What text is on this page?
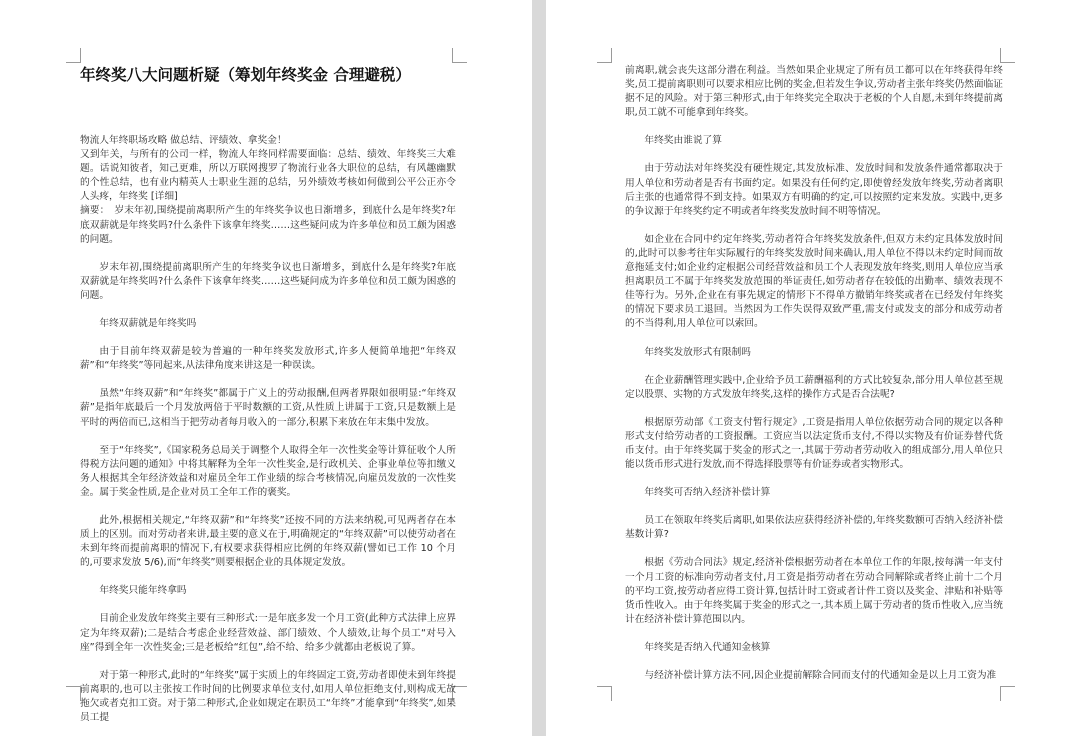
年终奖八大问题析疑（筹划年终奖金 合理避税）

物流人年终职场攻略 做总结、评绩效、拿奖金！

又到年关，与所有的公司一样，物流人年终同样需要面临：总结、绩效、年终奖三大难题。话说知彼者，知己更难，所以万联网搜罗了物流行业各大职位的总结，有风趣幽默的个性总结，也有业内精英人士职业生涯的总结，另外绩效考核如何做到公平公正亦令人头疼，年终奖 [详细]

摘要：　岁末年初,围绕提前离职所产生的年终奖争议也日渐增多，到底什么是年终奖?年底双薪就是年终奖吗?什么条件下该拿年终奖……这些疑问成为许多单位和员工颇为困惑的问题。

岁末年初,围绕提前离职所产生的年终奖争议也日渐增多，到底什么是年终奖?年底双薪就是年终奖吗?什么条件下该拿年终奖……这些疑问成为许多单位和员工颇为困惑的问题。

年终双薪就是年终奖吗

由于目前年终双薪是较为普遍的一种年终奖发放形式,许多人便简单地把“年终双薪”和“年终奖”等同起来,从法律角度来讲这是一种误读。

虽然“年终双薪”和“年终奖”都属于广义上的劳动报酬,但两者界限如很明显:“年终双薪”是指年底最后一个月发放两倍于平时数额的工资,从性质上讲属于工资,只是数额上是平时的两倍而已,这相当于把劳动者每月收入的一部分,积累下来放在年末集中发放。

至于“年终奖”,《国家税务总局关于调整个人取得全年一次性奖金等计算征收个人所得税方法问题的通知》中将其解释为全年一次性奖金,是行政机关、企事业单位等扣缴义务人根据其全年经济效益和对雇员全年工作业绩的综合考核情况,向雇员发放的一次性奖金。属于奖金性质,是企业对员工全年工作的褒奖。

此外,根据相关规定,“年终双薪”和“年终奖”还按不同的方法来纳税,可见两者存在本质上的区别。而对劳动者来讲,最主要的意义在于,明确规定的“年终双薪”可以使劳动者在未到年终而提前离职的情况下,有权要求获得相应比例的年终双薪(譬如已工作 10 个月的,可要求发放 5/6),而“年终奖”则要根据企业的具体规定发放。

年终奖只能年终拿吗

目前企业发放年终奖主要有三种形式:一是年底多发一个月工资(此种方式法律上应界定为年终双薪);二是结合考虑企业经营效益、部门绩效、个人绩效,让每个员工“对号入座”得到全年一次性奖金;三是老板给“红包”,给不给、给多少就都由老板说了算。

对于第一种形式,此时的“年终奖”属于实质上的年终固定工资,劳动者即使未到年终提前离职的,也可以主张按工作时间的比例要求单位支付,如用人单位拒绝支付,则构成无故拖欠或者克扣工资。对于第二种形式,企业如规定在职员工“年终”才能拿到“年终奖”,如果员工提

前离职,就会丧失这部分潜在利益。当然如果企业规定了所有员工都可以在年终获得年终奖,员工提前离职则可以要求相应比例的奖金,但若发生争议,劳动者主张年终奖仍然面临证据不足的风险。对于第三种形式,由于年终奖完全取决于老板的个人自愿,未到年终提前离职,员工就不可能拿到年终奖。

年终奖由谁说了算

由于劳动法对年终奖没有硬性规定,其发放标准、发放时间和发放条件通常都取决于用人单位和劳动者是否有书面约定。如果没有任何约定,即使曾经发放年终奖,劳动者离职后主张的也通常得不到支持。如果双方有明确的约定,可以按照约定来发放。实践中,更多的争议源于年终奖约定不明或者年终奖发放时间不明等情况。

如企业在合同中约定年终奖,劳动者符合年终奖发放条件,但双方未约定具体发放时间的,此时可以参考往年实际履行的年终奖发放时间来确认,用人单位不得以未约定时间而故意拖延支付;如企业约定根据公司经营效益和员工个人表现发放年终奖,则用人单位应当承担离职员工不属于年终奖发放范围的举证责任,如劳动者存在较低的出勤率、绩效表现不佳等行为。另外,企业在有事先规定的情形下不得单方撤销年终奖或者在已经发付年终奖的情况下要求员工退回。当然因为工作失误得双致严重,需支付或发支的部分和成劳动者的不当得利,用人单位可以索回。

年终奖发放形式有限制吗

在企业薪酬管理实践中,企业给予员工薪酬福利的方式比较复杂,部分用人单位甚至规定以股票、实物的方式发放年终奖,这样的操作方式是否合法呢?

根据原劳动部《工资支付暂行规定》,工资是指用人单位依据劳动合同的规定以各种形式支付给劳动者的工资报酬。工资应当以法定货币支付,不得以实物及有价证券替代货币支付。由于年终奖属于奖金的形式之一,其属于劳动者劳动收入的组成部分,用人单位只能以货币形式进行发放,而不得选择股票等有价证券或者实物形式。

年终奖可否纳入经济补偿计算

员工在领取年终奖后离职,如果依法应获得经济补偿的,年终奖数额可否纳入经济补偿基数计算?

根据《劳动合同法》规定,经济补偿根据劳动者在本单位工作的年限,按每满一年支付一个月工资的标准向劳动者支付,月工资是指劳动者在劳动合同解除或者终止前十二个月的平均工资,按劳动者应得工资计算,包括计时工资或者计件工资以及奖金、津贴和补贴等货币性收入。由于年终奖属于奖金的形式之一,其本质上属于劳动者的货币性收入,应当统计在经济补偿计算范围以内。

年终奖是否纳入代通知金核算

与经济补偿计算方法不同,因企业提前解除合同而支付的代通知金是以上月工资为准
